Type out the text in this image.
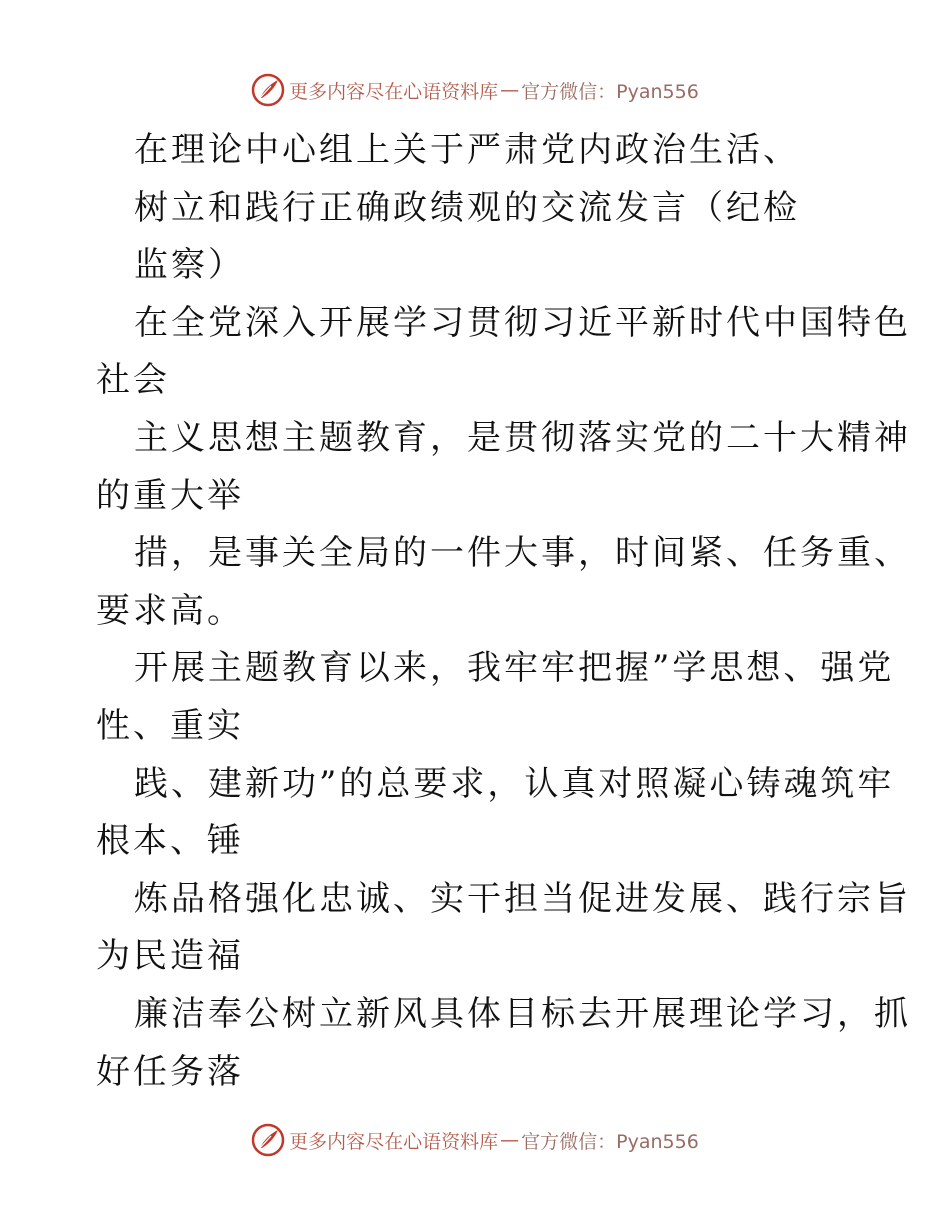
更多内容尽在心语资料库 — 官方微信：Pyan556
在理论中心组上关于严肃党内政治生活、
树立和践行正确政绩观的交流发言（纪检
监察）
在全党深入开展学习贯彻习近平新时代中国特色
社会
主义思想主题教育，是贯彻落实党的二十大精神
的重大举
措，是事关全局的一件大事，时间紧、任务重、
要求高。
开展主题教育以来，我牢牢把握”学思想、强党
性、重实
践、建新功”的总要求，认真对照凝心铸魂筑牢
根本、锤
炼品格强化忠诚、实干担当促进发展、践行宗旨
为民造福
廉洁奉公树立新风具体目标去开展理论学习，抓
好任务落
更多内容尽在心语资料库 — 官方微信：Pyan556
